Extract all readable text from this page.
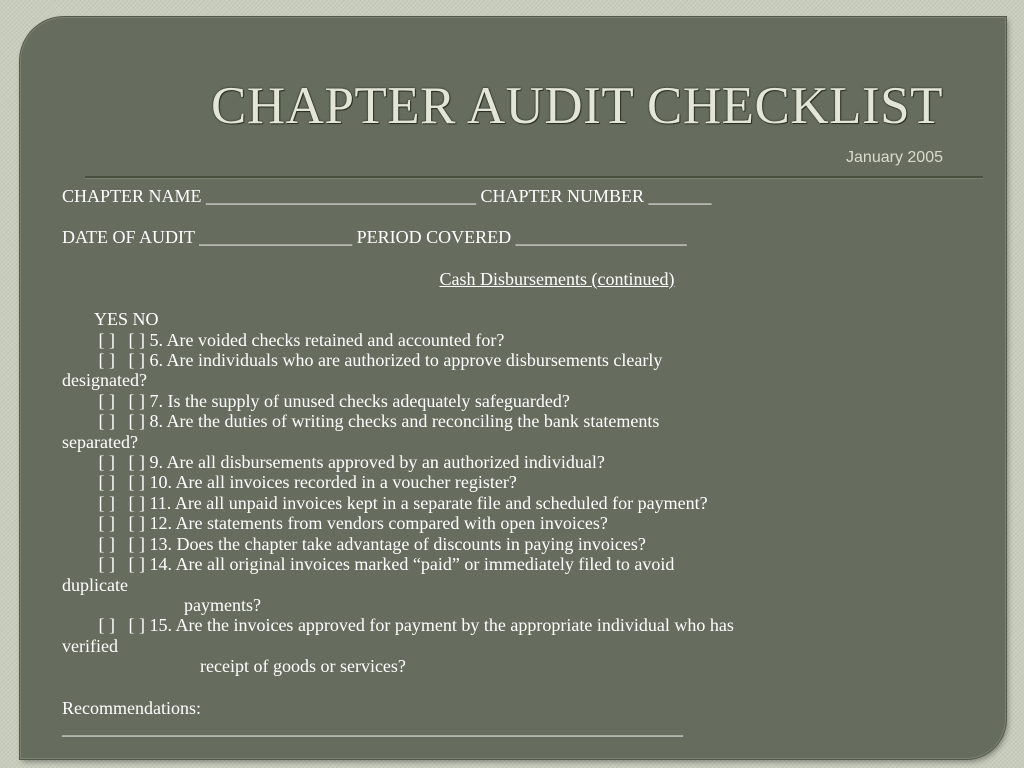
CHAPTER AUDIT CHECKLIST
January 2005

CHAPTER NAME ______________________________ CHAPTER NUMBER _______

DATE OF AUDIT _________________ PERIOD COVERED ___________________

Cash Disbursements (continued)

YES NO

[ ]   [ ] 5. Are voided checks retained and accounted for?

[ ]   [ ] 6. Are individuals who are authorized to approve disbursements clearly

designated?

[ ]   [ ] 7. Is the supply of unused checks adequately safeguarded?

[ ]   [ ] 8. Are the duties of writing checks and reconciling the bank statements

separated?

[ ]   [ ] 9. Are all disbursements approved by an authorized individual?

[ ]   [ ] 10. Are all invoices recorded in a voucher register?

[ ]   [ ] 11. Are all unpaid invoices kept in a separate file and scheduled for payment?

[ ]   [ ] 12. Are statements from vendors compared with open invoices?

[ ]   [ ] 13. Does the chapter take advantage of discounts in paying invoices?

[ ]   [ ] 14. Are all original invoices marked “paid” or immediately filed to avoid

duplicate

payments?

[ ]   [ ] 15. Are the invoices approved for payment by the appropriate individual who has

verified

receipt of goods or services?

Recommendations:

_____________________________________________________________________
